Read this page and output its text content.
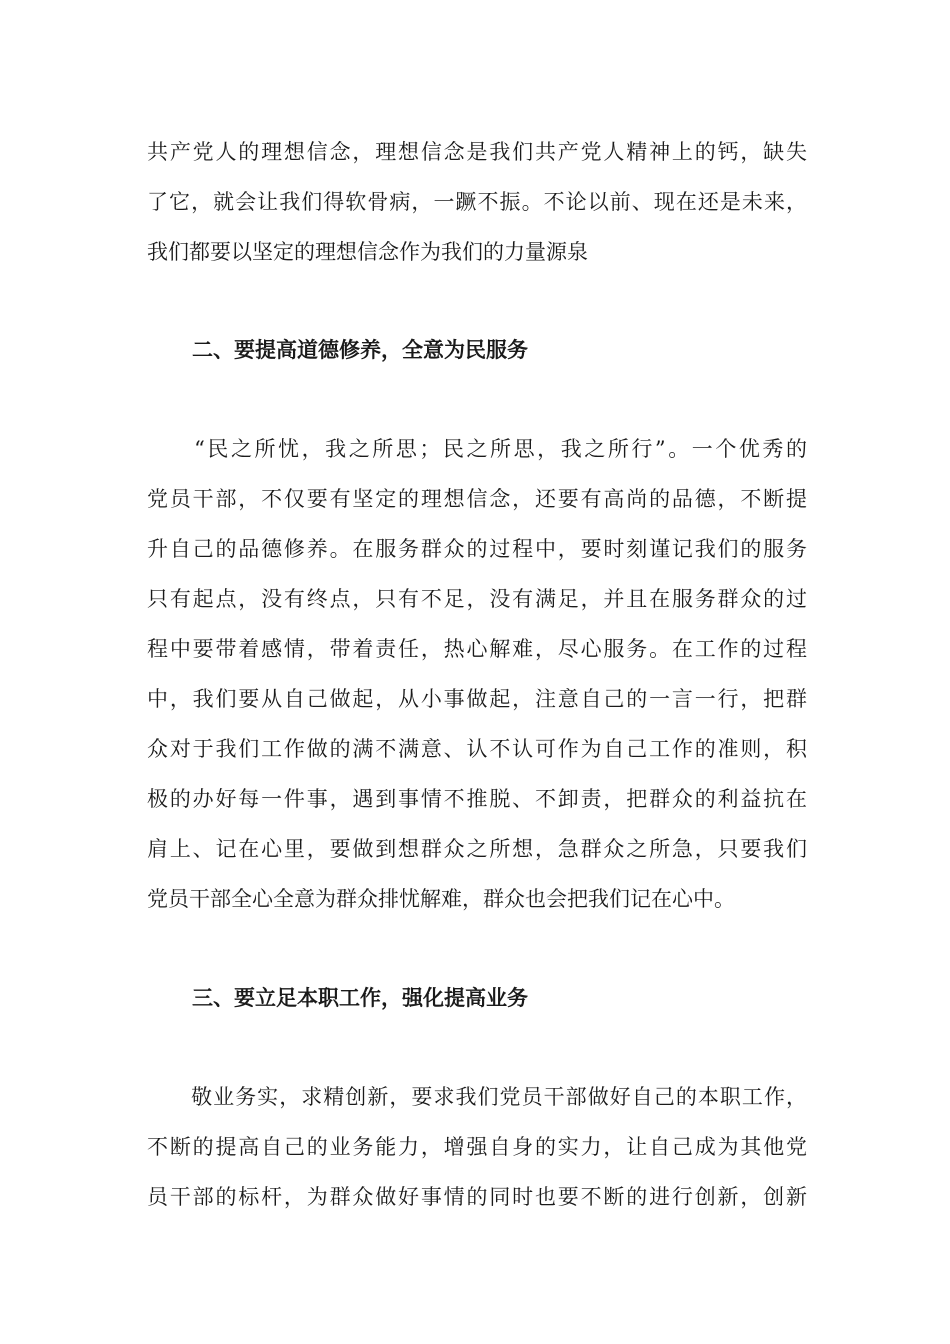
共产党人的理想信念，理想信念是我们共产党人精神上的钙，缺失
了它，就会让我们得软骨病，一蹶不振。不论以前、现在还是未来，
我们都要以坚定的理想信念作为我们的力量源泉
二、要提高道德修养，全意为民服务
　　“民之所忧，我之所思；民之所思，我之所行”。一个优秀的
党员干部，不仅要有坚定的理想信念，还要有高尚的品德，不断提
升自己的品德修养。在服务群众的过程中，要时刻谨记我们的服务
只有起点，没有终点，只有不足，没有满足，并且在服务群众的过
程中要带着感情，带着责任，热心解难，尽心服务。在工作的过程
中，我们要从自己做起，从小事做起，注意自己的一言一行，把群
众对于我们工作做的满不满意、认不认可作为自己工作的准则，积
极的办好每一件事，遇到事情不推脱、不卸责，把群众的利益抗在
肩上、记在心里，要做到想群众之所想，急群众之所急，只要我们
党员干部全心全意为群众排忧解难，群众也会把我们记在心中。
三、要立足本职工作，强化提高业务
　　敬业务实，求精创新，要求我们党员干部做好自己的本职工作，
不断的提高自己的业务能力，增强自身的实力，让自己成为其他党
员干部的标杆，为群众做好事情的同时也要不断的进行创新，创新
